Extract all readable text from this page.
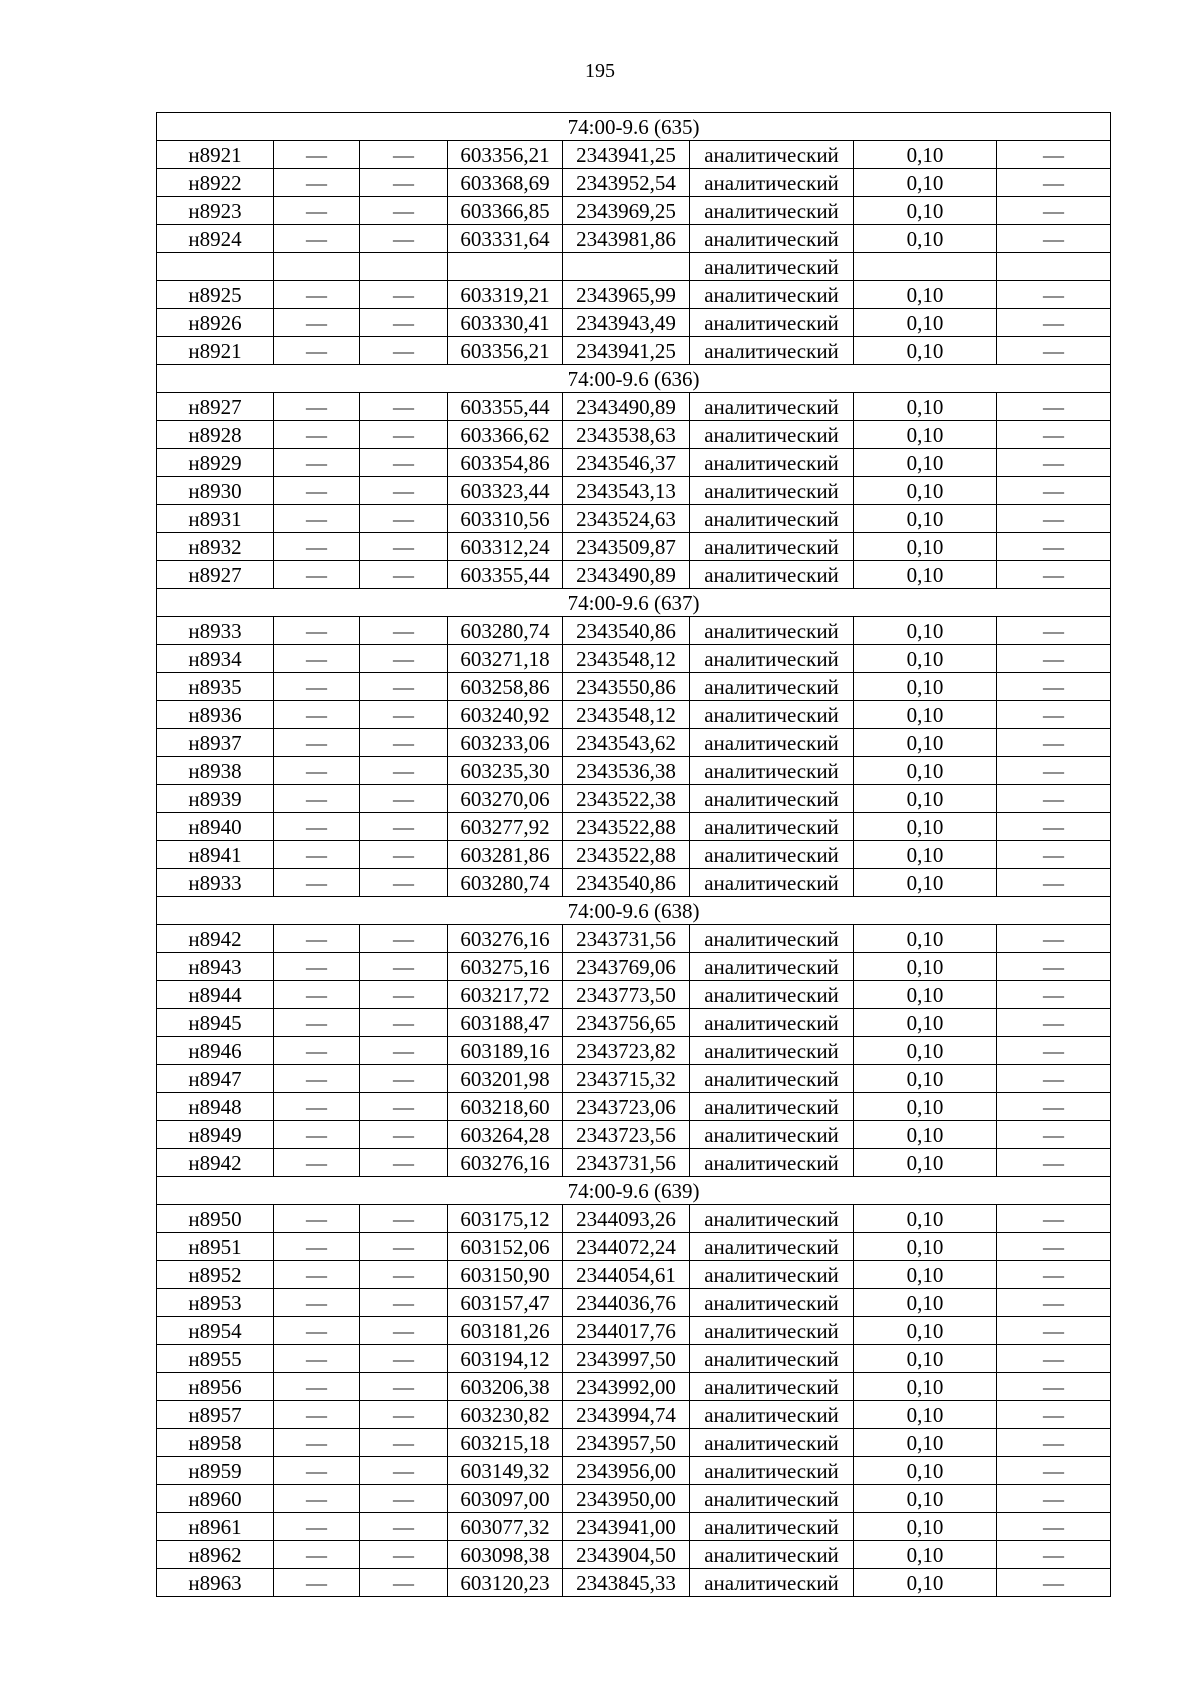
195
74:00-9.6 (635)							
н8921	—	—	603356,21	2343941,25	аналитический	0,10	—
н8922	—	—	603368,69	2343952,54	аналитический	0,10	—
н8923	—	—	603366,85	2343969,25	аналитический	0,10	—
н8924	—	—	603331,64	2343981,86	аналитический	0,10	—
					аналитический		
н8925	—	—	603319,21	2343965,99	аналитический	0,10	—
н8926	—	—	603330,41	2343943,49	аналитический	0,10	—
н8921	—	—	603356,21	2343941,25	аналитический	0,10	—
74:00-9.6 (636)							
н8927	—	—	603355,44	2343490,89	аналитический	0,10	—
н8928	—	—	603366,62	2343538,63	аналитический	0,10	—
н8929	—	—	603354,86	2343546,37	аналитический	0,10	—
н8930	—	—	603323,44	2343543,13	аналитический	0,10	—
н8931	—	—	603310,56	2343524,63	аналитический	0,10	—
н8932	—	—	603312,24	2343509,87	аналитический	0,10	—
н8927	—	—	603355,44	2343490,89	аналитический	0,10	—
74:00-9.6 (637)							
н8933	—	—	603280,74	2343540,86	аналитический	0,10	—
н8934	—	—	603271,18	2343548,12	аналитический	0,10	—
н8935	—	—	603258,86	2343550,86	аналитический	0,10	—
н8936	—	—	603240,92	2343548,12	аналитический	0,10	—
н8937	—	—	603233,06	2343543,62	аналитический	0,10	—
н8938	—	—	603235,30	2343536,38	аналитический	0,10	—
н8939	—	—	603270,06	2343522,38	аналитический	0,10	—
н8940	—	—	603277,92	2343522,88	аналитический	0,10	—
н8941	—	—	603281,86	2343522,88	аналитический	0,10	—
н8933	—	—	603280,74	2343540,86	аналитический	0,10	—
74:00-9.6 (638)							
н8942	—	—	603276,16	2343731,56	аналитический	0,10	—
н8943	—	—	603275,16	2343769,06	аналитический	0,10	—
н8944	—	—	603217,72	2343773,50	аналитический	0,10	—
н8945	—	—	603188,47	2343756,65	аналитический	0,10	—
н8946	—	—	603189,16	2343723,82	аналитический	0,10	—
н8947	—	—	603201,98	2343715,32	аналитический	0,10	—
н8948	—	—	603218,60	2343723,06	аналитический	0,10	—
н8949	—	—	603264,28	2343723,56	аналитический	0,10	—
н8942	—	—	603276,16	2343731,56	аналитический	0,10	—
74:00-9.6 (639)							
н8950	—	—	603175,12	2344093,26	аналитический	0,10	—
н8951	—	—	603152,06	2344072,24	аналитический	0,10	—
н8952	—	—	603150,90	2344054,61	аналитический	0,10	—
н8953	—	—	603157,47	2344036,76	аналитический	0,10	—
н8954	—	—	603181,26	2344017,76	аналитический	0,10	—
н8955	—	—	603194,12	2343997,50	аналитический	0,10	—
н8956	—	—	603206,38	2343992,00	аналитический	0,10	—
н8957	—	—	603230,82	2343994,74	аналитический	0,10	—
н8958	—	—	603215,18	2343957,50	аналитический	0,10	—
н8959	—	—	603149,32	2343956,00	аналитический	0,10	—
н8960	—	—	603097,00	2343950,00	аналитический	0,10	—
н8961	—	—	603077,32	2343941,00	аналитический	0,10	—
н8962	—	—	603098,38	2343904,50	аналитический	0,10	—
н8963	—	—	603120,23	2343845,33	аналитический	0,10	—
